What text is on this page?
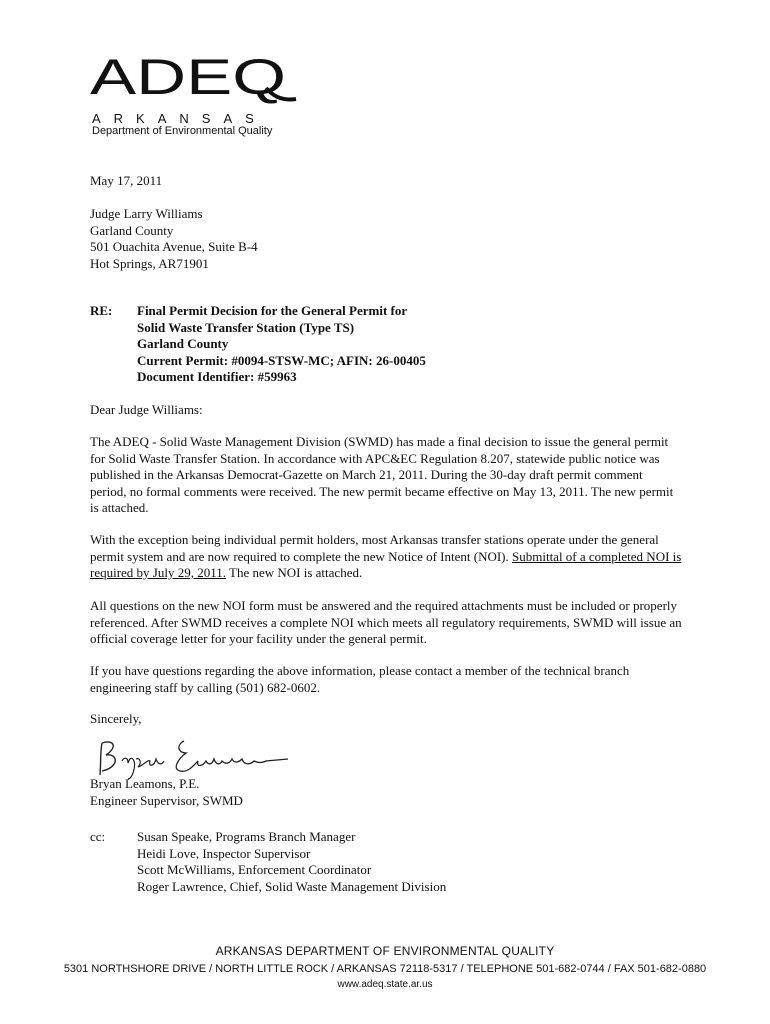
ADEQ
ARKANSAS
Department of Environmental Quality
May 17, 2011
Judge Larry Williams
Garland County
501 Ouachita Avenue, Suite B-4
Hot Springs, AR71901
RE: Final Permit Decision for the General Permit for
Solid Waste Transfer Station (Type TS)
Garland County
Current Permit: #0094-STSW-MC; AFIN: 26-00405
Document Identifier: #59963
Dear Judge Williams:

The ADEQ - Solid Waste Management Division (SWMD) has made a final decision to issue the general permit for Solid Waste Transfer Station. In accordance with APC&EC Regulation 8.207, statewide public notice was published in the Arkansas Democrat-Gazette on March 21, 2011. During the 30-day draft permit comment period, no formal comments were received. The new permit became effective on May 13, 2011. The new permit is attached.

With the exception being individual permit holders, most Arkansas transfer stations operate under the general permit system and are now required to complete the new Notice of Intent (NOI). Submittal of a completed NOI is required by July 29, 2011. The new NOI is attached.

All questions on the new NOI form must be answered and the required attachments must be included or properly referenced. After SWMD receives a complete NOI which meets all regulatory requirements, SWMD will issue an official coverage letter for your facility under the general permit.

If you have questions regarding the above information, please contact a member of the technical branch engineering staff by calling (501) 682-0602.

Sincerely,
Bryan Leamons, P.E.
Engineer Supervisor, SWMD
cc: Susan Speake, Programs Branch Manager
Heidi Love, Inspector Supervisor
Scott McWilliams, Enforcement Coordinator
Roger Lawrence, Chief, Solid Waste Management Division
ARKANSAS DEPARTMENT OF ENVIRONMENTAL QUALITY
5301 NORTHSHORE DRIVE / NORTH LITTLE ROCK / ARKANSAS 72118-5317 / TELEPHONE 501-682-0744 / FAX 501-682-0880
www.adeq.state.ar.us
